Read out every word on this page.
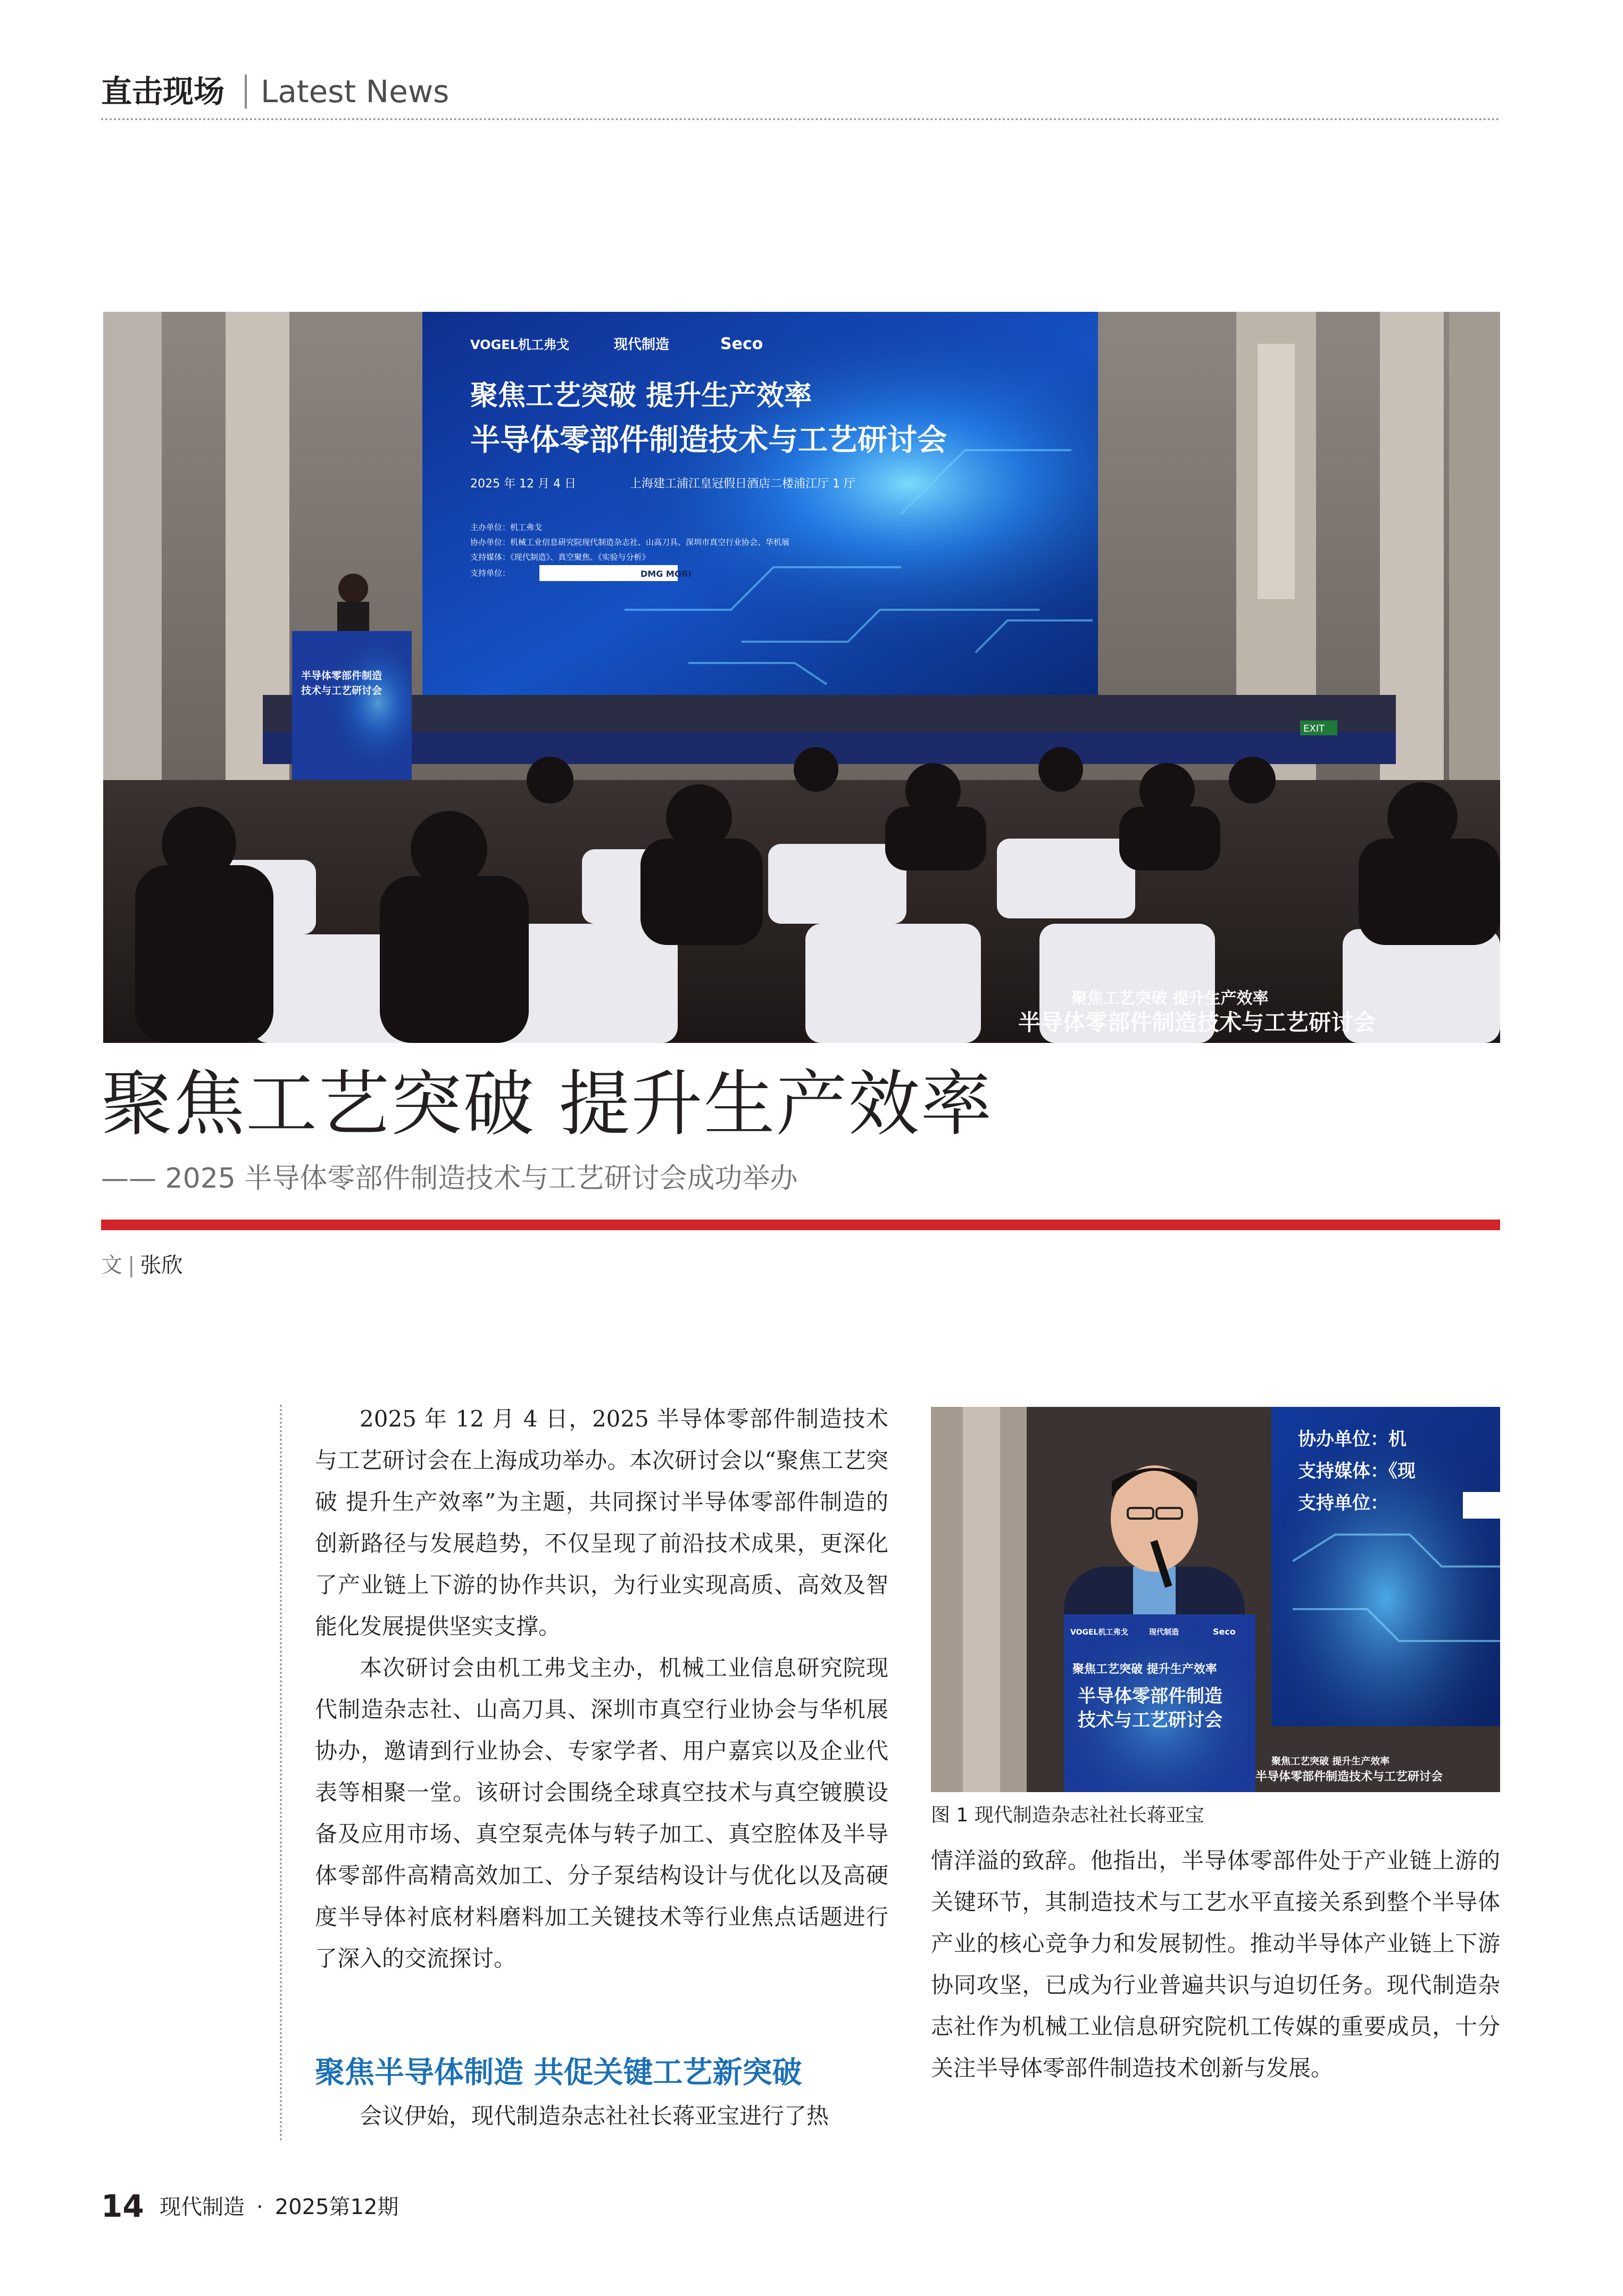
直击现场 Latest News
VOGEL机工弗戈	现代制造	Seco
聚焦工艺突破 提升生产效率
半导体零部件制造技术与工艺研讨会
2025 年 12 月 4 日	上海建工浦江皇冠假日酒店二楼浦江厅 1 厅
主办单位：机工弗戈
协办单位：机械工业信息研究院现代制造杂志社、山高刀具、深圳市真空行业协会、华机展
支持媒体：《现代制造》、真空聚焦、《实验与分析》
支持单位：	DMG MORI
EXIT
半导体零部件制造
技术与工艺研讨会
聚焦工艺突破 提升生产效率
半导体零部件制造技术与工艺研讨会
聚焦工艺突破 提升生产效率
—— 2025 半导体零部件制造技术与工艺研讨会成功举办
文 | 张欣

2025 年 12 月 4 日，2025 半导体零部件制造技术与工艺研讨会在上海成功举办。本次研讨会以“聚焦工艺突破 提升生产效率”为主题，共同探讨半导体零部件制造的创新路径与发展趋势，不仅呈现了前沿技术成果，更深化了产业链上下游的协作共识，为行业实现高质、高效及智能化发展提供坚实支撑。

本次研讨会由机工弗戈主办，机械工业信息研究院现代制造杂志社、山高刀具、深圳市真空行业协会与华机展协办，邀请到行业协会、专家学者、用户嘉宾以及企业代表等相聚一堂。该研讨会围绕全球真空技术与真空镀膜设备及应用市场、真空泵壳体与转子加工、真空腔体及半导体零部件高精高效加工、分子泵结构设计与优化以及高硬度半导体衬底材料磨料加工关键技术等行业焦点话题进行了深入的交流探讨。

聚焦半导体制造 共促关键工艺新突破

会议伊始，现代制造杂志社社长蒋亚宝进行了热

协办单位：机
支持媒体：《现
支持单位：
VOGEL机工弗戈	现代制造	Seco
聚焦工艺突破 提升生产效率
半导体零部件制造
技术与工艺研讨会
聚焦工艺突破 提升生产效率
半导体零部件制造技术与工艺研讨会
图 1 现代制造杂志社社长蒋亚宝

情洋溢的致辞。他指出，半导体零部件处于产业链上游的关键环节，其制造技术与工艺水平直接关系到整个半导体产业的核心竞争力和发展韧性。推动半导体产业链上下游协同攻坚，已成为行业普遍共识与迫切任务。现代制造杂志社作为机械工业信息研究院机工传媒的重要成员，十分关注半导体零部件制造技术创新与发展。

14 现代制造 · 2025第12期
